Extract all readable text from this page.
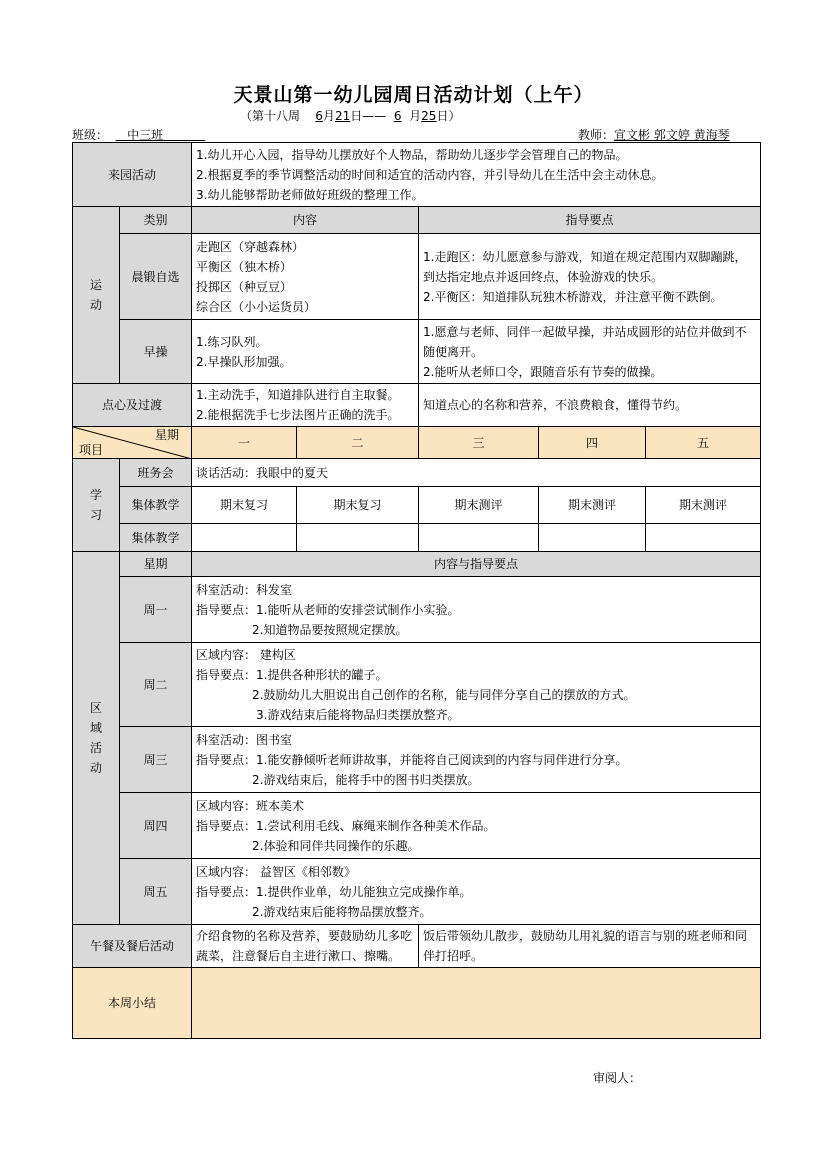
天景山第一幼儿园周日活动计划（上午）
（第十八周 6月21日—— 6 月25日）
班级： 中三班	教师：宣文彬 郭文婷 黄海琴
来园活动		1.幼儿开心入园，指导幼儿摆放好个人物品，帮助幼儿逐步学会管理自己的物品。
2.根据夏季的季节调整活动的时间和适宜的活动内容，并引导幼儿在生活中会主动休息。
3.幼儿能够帮助老师做好班级的整理工作。				

运
动	类别	内容		指导要点		
	晨锻自选	走跑区（穿越森林）
平衡区（独木桥）
投掷区（种豆豆）
综合区（小小运货员）		1.走跑区：幼儿愿意参与游戏，知道在规定范围内双脚蹦跳，到达指定地点并返回终点，体验游戏的快乐。
2.平衡区：知道排队玩独木桥游戏，并注意平衡不跌倒。		

	早操	1.练习队列。
2.早操队形加强。		1.愿意与老师、同伴一起做早操，并站成圆形的站位并做到不随便离开。
2.能听从老师口令，跟随音乐有节奏的做操。		

点心及过渡		1.主动洗手，知道排队进行自主取餐。
2.能根据洗手七步法图片正确的洗手。		知道点心的名称和营养，不浪费粮食，懂得节约。		

星期
项目		一	二	三	四	五

学
习	班务会	谈话活动：我眼中的夏天				
	集体教学	期末复习	期末复习	期末测评	期末测评	期末测评
	集体教学					

区
域
活
动	星期	内容与指导要点				
	周一	科室活动：科发室
指导要点：1.能听从老师的安排尝试制作小实验。
2.知道物品要按照规定摆放。				

	周二	区域内容： 建构区
指导要点：1.提供各种形状的罐子。
2.鼓励幼儿大胆说出自己创作的名称，能与同伴分享自己的摆放的方式。
3.游戏结束后能将物品归类摆放整齐。				

	周三	科室活动：图书室
指导要点：1.能安静倾听老师讲故事，并能将自己阅读到的内容与同伴进行分享。
2.游戏结束后，能将手中的图书归类摆放。				

	周四	区域内容：班本美术
指导要点：1.尝试利用毛线、麻绳来制作各种美术作品。
2.体验和同伴共同操作的乐趣。				

	周五	区域内容： 益智区《相邻数》
指导要点：1.提供作业单，幼儿能独立完成操作单。
2.游戏结束后能将物品摆放整齐。				

午餐及餐后活动		介绍食物的名称及营养，要鼓励幼儿多吃蔬菜，注意餐后自主进行漱口、擦嘴。		饭后带领幼儿散步，鼓励幼儿用礼貌的语言与别的班老师和同伴打招呼。		
本周小结						
审阅人：
